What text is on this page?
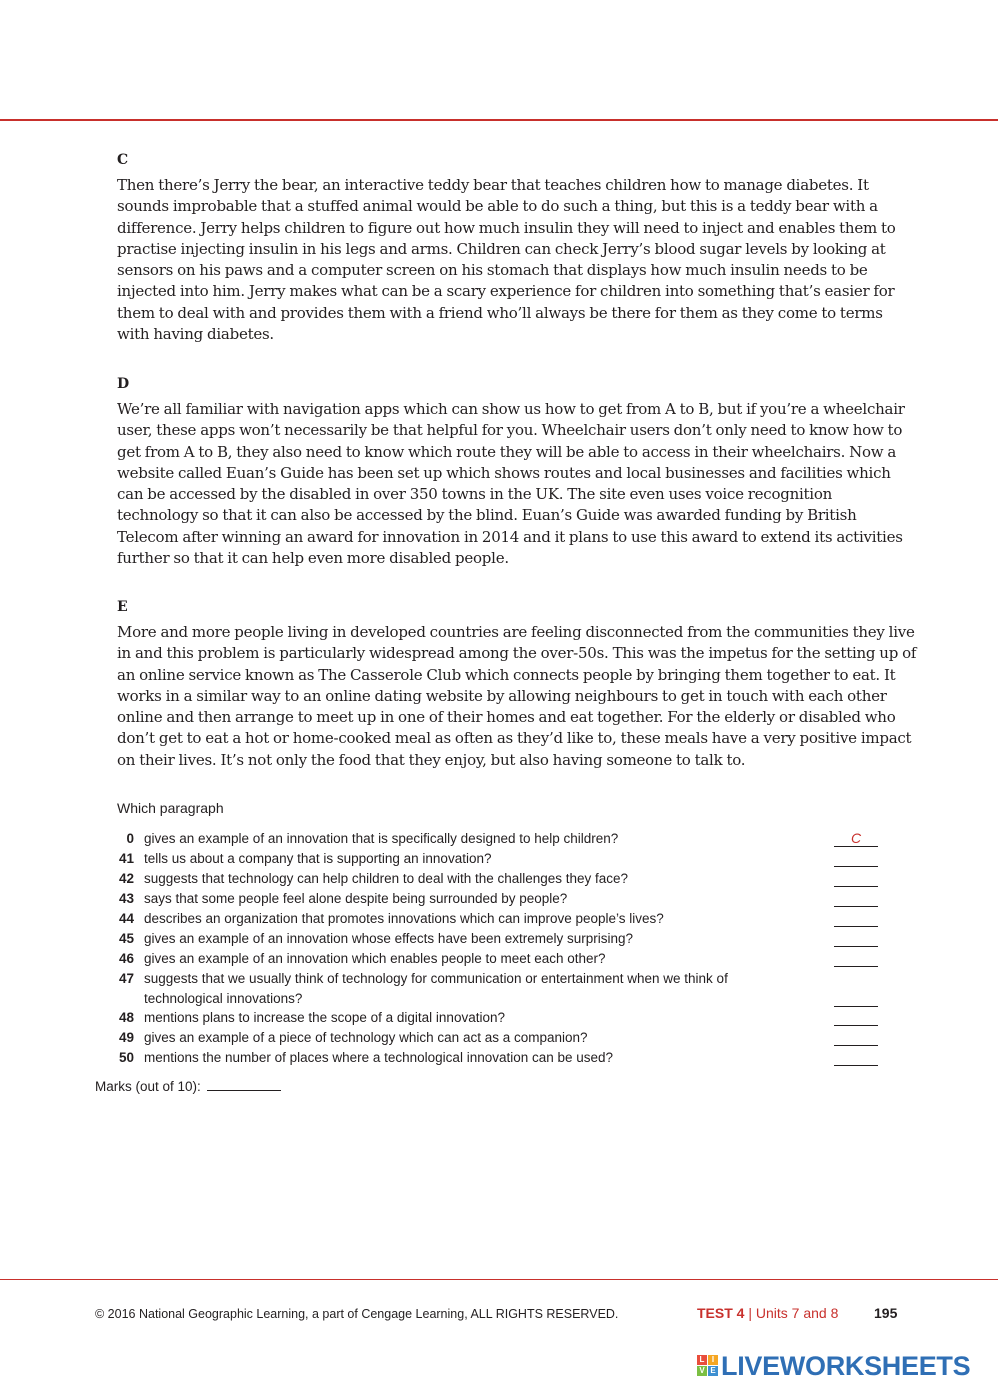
C

Then there’s Jerry the bear, an interactive teddy bear that teaches children how to manage diabetes. It sounds improbable that a stuffed animal would be able to do such a thing, but this is a teddy bear with a difference. Jerry helps children to figure out how much insulin they will need to inject and enables them to practise injecting insulin in his legs and arms. Children can check Jerry’s blood sugar levels by looking at sensors on his paws and a computer screen on his stomach that displays how much insulin needs to be injected into him. Jerry makes what can be a scary experience for children into something that’s easier for them to deal with and provides them with a friend who’ll always be there for them as they come to terms with having diabetes.

D

We’re all familiar with navigation apps which can show us how to get from A to B, but if you’re a wheelchair user, these apps won’t necessarily be that helpful for you. Wheelchair users don’t only need to know how to get from A to B, they also need to know which route they will be able to access in their wheelchairs. Now a website called Euan’s Guide has been set up which shows routes and local businesses and facilities which can be accessed by the disabled in over 350 towns in the UK. The site even uses voice recognition technology so that it can also be accessed by the blind. Euan’s Guide was awarded funding by British Telecom after winning an award for innovation in 2014 and it plans to use this award to extend its activities further so that it can help even more disabled people.

E

More and more people living in developed countries are feeling disconnected from the communities they live in and this problem is particularly widespread among the over-50s. This was the impetus for the setting up of an online service known as The Casserole Club which connects people by bringing them together to eat. It works in a similar way to an online dating website by allowing neighbours to get in touch with each other online and then arrange to meet up in one of their homes and eat together. For the elderly or disabled who don’t get to eat a hot or home-cooked meal as often as they’d like to, these meals have a very positive impact on their lives. It’s not only the food that they enjoy, but also having someone to talk to.

Which paragraph
0 gives an example of an innovation that is specifically designed to help children?	C
41 tells us about a company that is supporting an innovation?
42 suggests that technology can help children to deal with the challenges they face?
43 says that some people feel alone despite being surrounded by people?
44 describes an organization that promotes innovations which can improve people’s lives?
45 gives an example of an innovation whose effects have been extremely surprising?
46 gives an example of an innovation which enables people to meet each other?
47 suggests that we usually think of technology for communication or entertainment when we think of technological innovations?
48 mentions plans to increase the scope of a digital innovation?
49 gives an example of a piece of technology which can act as a companion?
50 mentions the number of places where a technological innovation can be used?
Marks (out of 10):
© 2016 National Geographic Learning, a part of Cengage Learning, ALL RIGHTS RESERVED.	TEST 4 | Units 7 and 8	195
L I
V E LIVEWORKSHEETS
